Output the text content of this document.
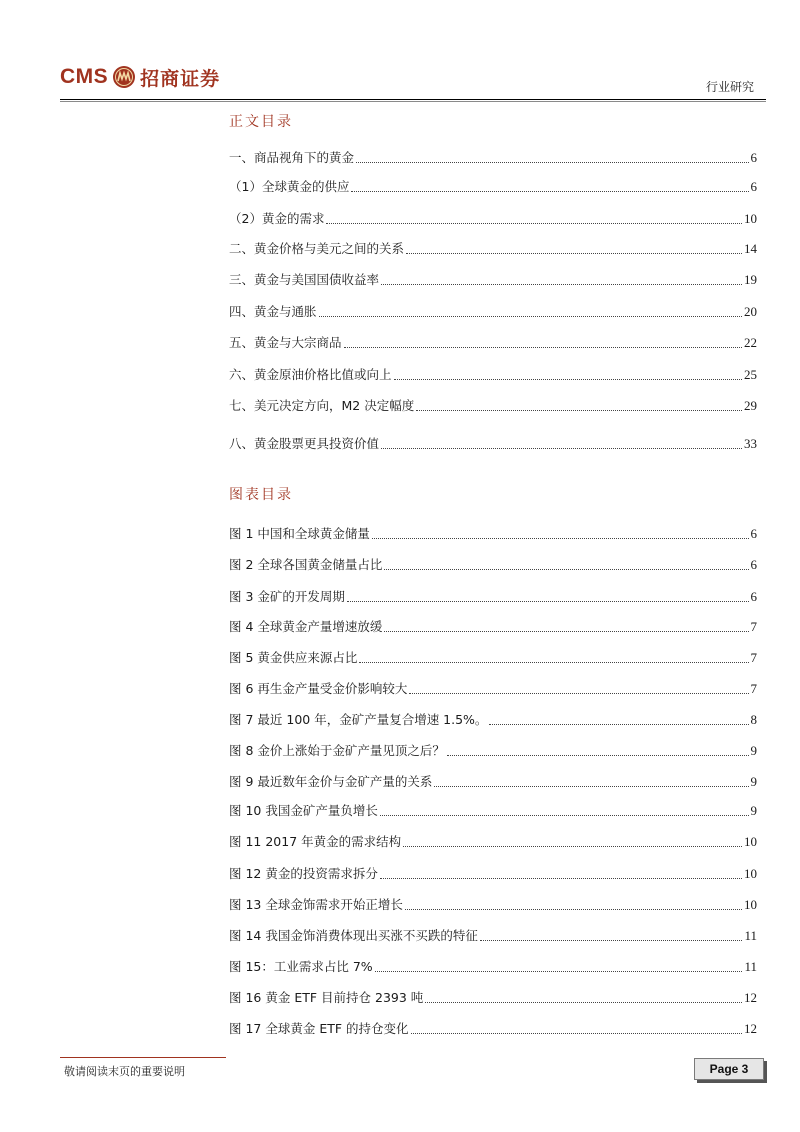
CMS 招商证券	行业研究
正文目录
一、商品视角下的黄金	6
（1）全球黄金的供应	6
（2）黄金的需求	10
二、黄金价格与美元之间的关系	14
三、黄金与美国国债收益率	19
四、黄金与通胀	20
五、黄金与大宗商品	22
六、黄金原油价格比值或向上	25
七、美元决定方向，M2 决定幅度	29
八、黄金股票更具投资价值	33
图表目录
图 1 中国和全球黄金储量	6
图 2 全球各国黄金储量占比	6
图 3 金矿的开发周期	6
图 4 全球黄金产量增速放缓	7
图 5 黄金供应来源占比	7
图 6 再生金产量受金价影响较大	7
图 7 最近 100 年，金矿产量复合增速 1.5%。	8
图 8 金价上涨始于金矿产量见顶之后？	9
图 9 最近数年金价与金矿产量的关系	9
图 10 我国金矿产量负增长	9
图 11 2017 年黄金的需求结构	10
图 12 黄金的投资需求拆分	10
图 13 全球金饰需求开始正增长	10
图 14 我国金饰消费体现出买涨不买跌的特征	11
图 15：工业需求占比 7%	11
图 16 黄金 ETF 目前持仓 2393 吨	12
图 17 全球黄金 ETF 的持仓变化	12
敬请阅读末页的重要说明	Page 3
